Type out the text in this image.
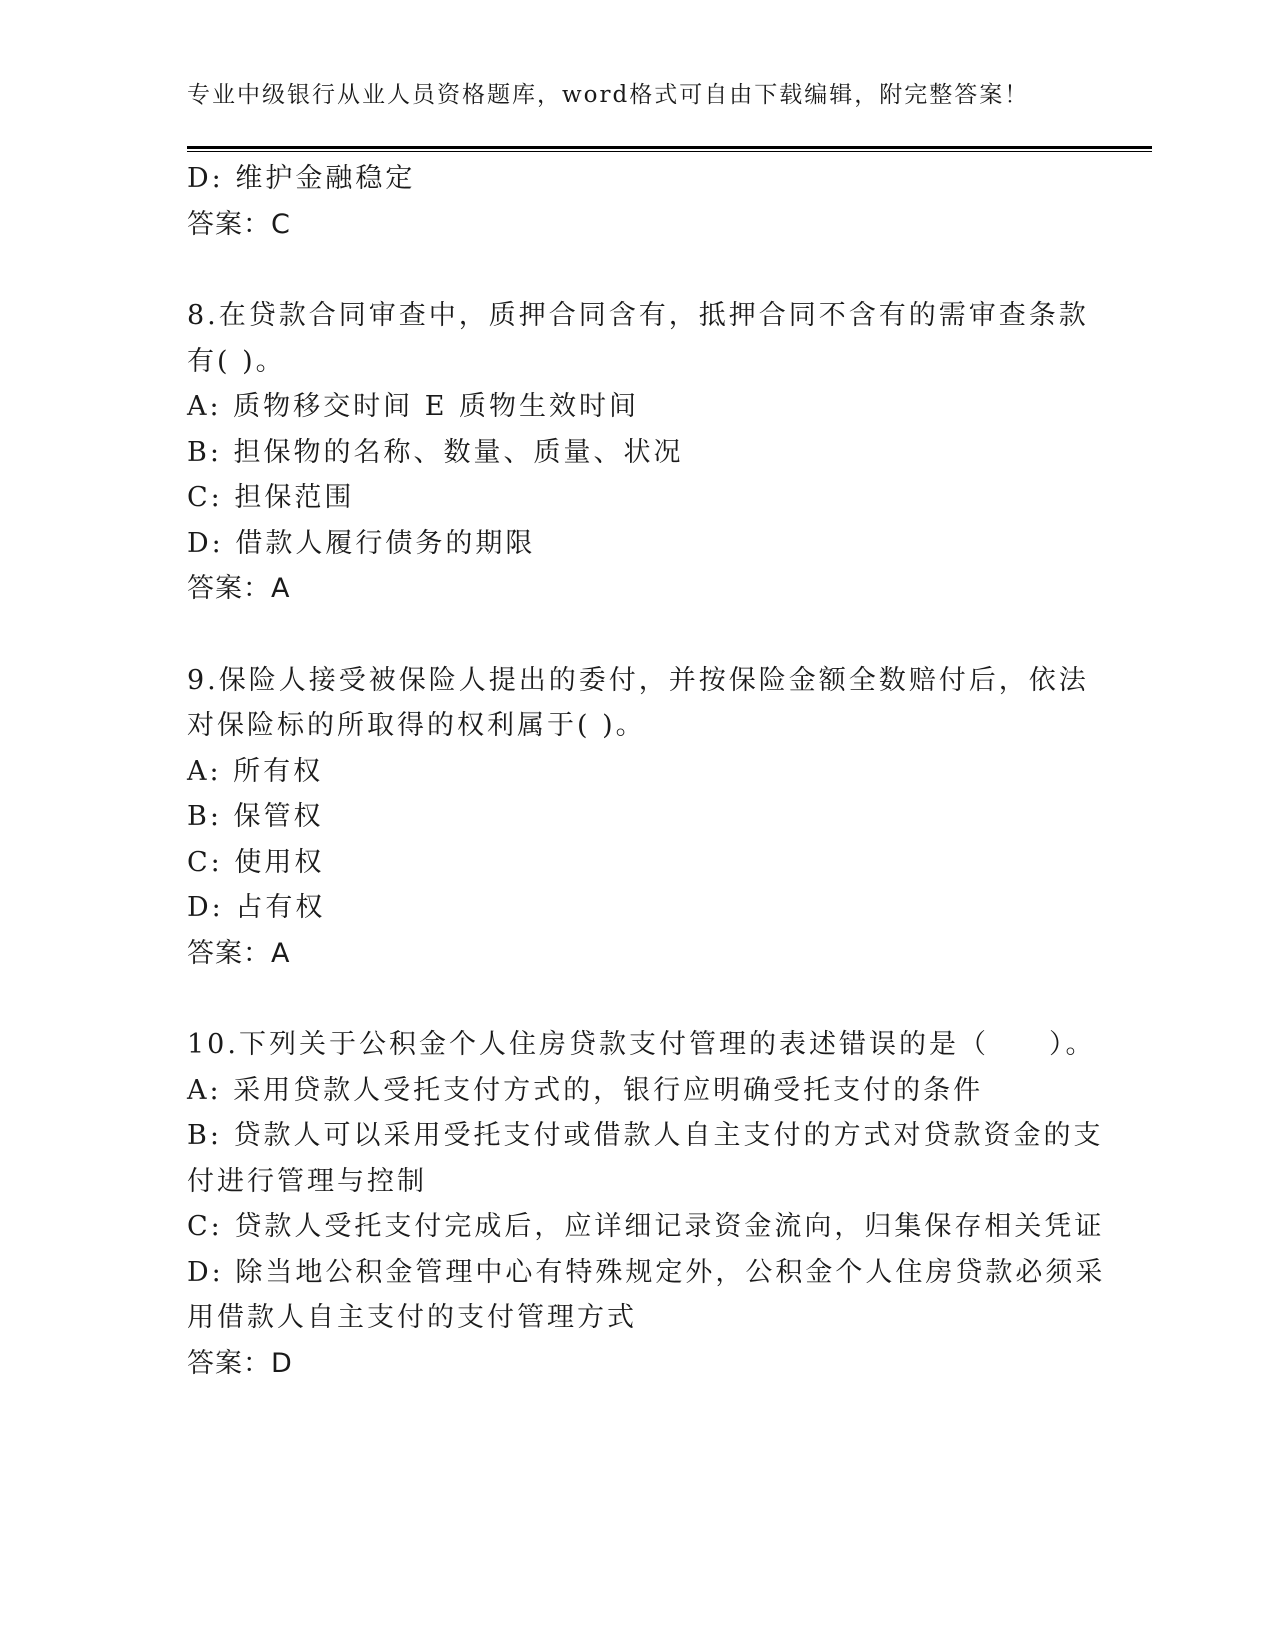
专业中级银行从业人员资格题库，word格式可自由下载编辑，附完整答案！
D: 维护金融稳定
答案：C
8.在贷款合同审查中，质押合同含有，抵押合同不含有的需审查条款
有( )。
A: 质物移交时间 E 质物生效时间
B: 担保物的名称、数量、质量、状况
C: 担保范围
D: 借款人履行债务的期限
答案：A
9.保险人接受被保险人提出的委付，并按保险金额全数赔付后，依法
对保险标的所取得的权利属于( )。
A: 所有权
B: 保管权
C: 使用权
D: 占有权
答案：A
10.下列关于公积金个人住房贷款支付管理的表述错误的是（　　）。
A: 采用贷款人受托支付方式的，银行应明确受托支付的条件
B: 贷款人可以采用受托支付或借款人自主支付的方式对贷款资金的支
付进行管理与控制
C: 贷款人受托支付完成后，应详细记录资金流向，归集保存相关凭证
D: 除当地公积金管理中心有特殊规定外，公积金个人住房贷款必须采
用借款人自主支付的支付管理方式
答案：D
